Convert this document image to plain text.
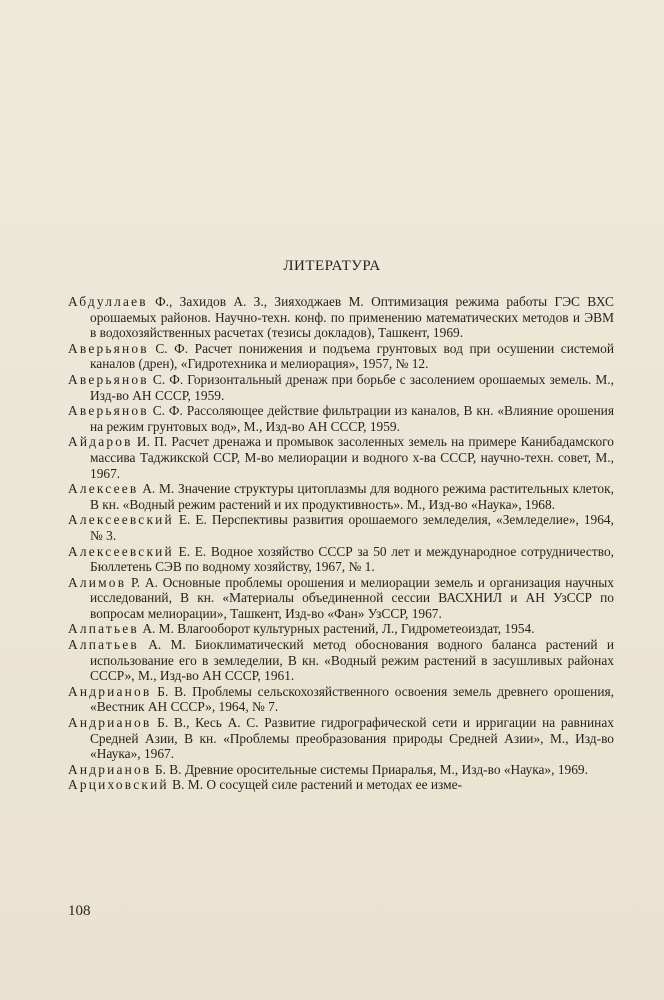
ЛИТЕРАТУРА
Абдуллаев Ф., Захидов А. З., Зияходжаев М. Оптимизация режима работы ГЭС ВХС орошаемых районов. Научно-техн. конф. по применению математических методов и ЭВМ в водохозяйственных расчетах (тезисы докладов), Ташкент, 1969.
Аверьянов С. Ф. Расчет понижения и подъема грунтовых вод при осушении системой каналов (дрен), «Гидротехника и мелиорация», 1957, № 12.
Аверьянов С. Ф. Горизонтальный дренаж при борьбе с засолением орошаемых земель. М., Изд-во АН СССР, 1959.
Аверьянов С. Ф. Рассоляющее действие фильтрации из каналов, В кн. «Влияние орошения на режим грунтовых вод», М., Изд-во АН СССР, 1959.
Айдаров И. П. Расчет дренажа и промывок засоленных земель на примере Канибадамского массива Таджикской ССР, М-во мелиорации и водного х-ва СССР, научно-техн. совет, М., 1967.
Алексеев А. М. Значение структуры цитоплазмы для водного режима растительных клеток, В кн. «Водный режим растений и их продуктивность». М., Изд-во «Наука», 1968.
Алексеевский Е. Е. Перспективы развития орошаемого земледелия, «Земледелие», 1964, № 3.
Алексеевский Е. Е. Водное хозяйство СССР за 50 лет и международное сотрудничество, Бюллетень СЭВ по водному хозяйству, 1967, № 1.
Алимов Р. А. Основные проблемы орошения и мелиорации земель и организация научных исследований, В кн. «Материалы объединенной сессии ВАСХНИЛ и АН УзССР по вопросам мелиорации», Ташкент, Изд-во «Фан» УзССР, 1967.
Алпатьев А. М. Влагооборот культурных растений, Л., Гидрометеоиздат, 1954.
Алпатьев А. М. Биоклиматический метод обоснования водного баланса растений и использование его в земледелии, В кн. «Водный режим растений в засушливых районах СССР», М., Изд-во АН СССР, 1961.
Андрианов Б. В. Проблемы сельскохозяйственного освоения земель древнего орошения, «Вестник АН СССР», 1964, № 7.
Андрианов Б. В., Кесь А. С. Развитие гидрографической сети и ирригации на равнинах Средней Азии, В кн. «Проблемы преобразования природы Средней Азии», М., Изд-во «Наука», 1967.
Андрианов Б. В. Древние оросительные системы Приаралья, М., Изд-во «Наука», 1969.
Арциховский В. М. О сосущей силе растений и методах ее изме-
108
